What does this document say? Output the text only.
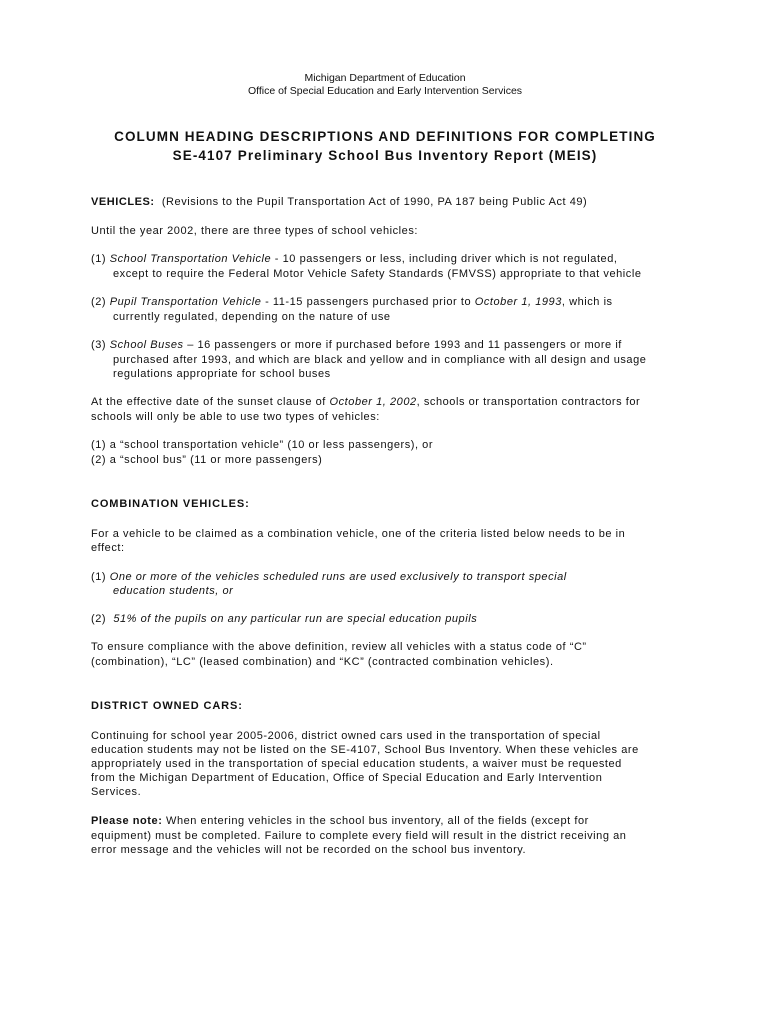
Michigan Department of Education
Office of Special Education and Early Intervention Services
COLUMN HEADING DESCRIPTIONS AND DEFINITIONS FOR COMPLETING
SE-4107 Preliminary School Bus Inventory Report (MEIS)
VEHICLES: (Revisions to the Pupil Transportation Act of 1990, PA 187 being Public Act 49)
Until the year 2002, there are three types of school vehicles:
(1) School Transportation Vehicle - 10 passengers or less, including driver which is not regulated,
except to require the Federal Motor Vehicle Safety Standards (FMVSS) appropriate to that vehicle
(2) Pupil Transportation Vehicle - 11-15 passengers purchased prior to October 1, 1993, which is
currently regulated, depending on the nature of use
(3) School Buses – 16 passengers or more if purchased before 1993 and 11 passengers or more if
purchased after 1993, and which are black and yellow and in compliance with all design and usage
regulations appropriate for school buses
At the effective date of the sunset clause of October 1, 2002, schools or transportation contractors for
schools will only be able to use two types of vehicles:
(1) a “school transportation vehicle” (10 or less passengers), or
(2) a “school bus” (11 or more passengers)
COMBINATION VEHICLES:
For a vehicle to be claimed as a combination vehicle, one of the criteria listed below needs to be in
effect:
(1) One or more of the vehicles scheduled runs are used exclusively to transport special
education students, or
(2) 51% of the pupils on any particular run are special education pupils
To ensure compliance with the above definition, review all vehicles with a status code of “C”
(combination), “LC” (leased combination) and “KC” (contracted combination vehicles).
DISTRICT OWNED CARS:
Continuing for school year 2005-2006, district owned cars used in the transportation of special
education students may not be listed on the SE-4107, School Bus Inventory. When these vehicles are
appropriately used in the transportation of special education students, a waiver must be requested
from the Michigan Department of Education, Office of Special Education and Early Intervention
Services.
Please note: When entering vehicles in the school bus inventory, all of the fields (except for
equipment) must be completed. Failure to complete every field will result in the district receiving an
error message and the vehicles will not be recorded on the school bus inventory.
